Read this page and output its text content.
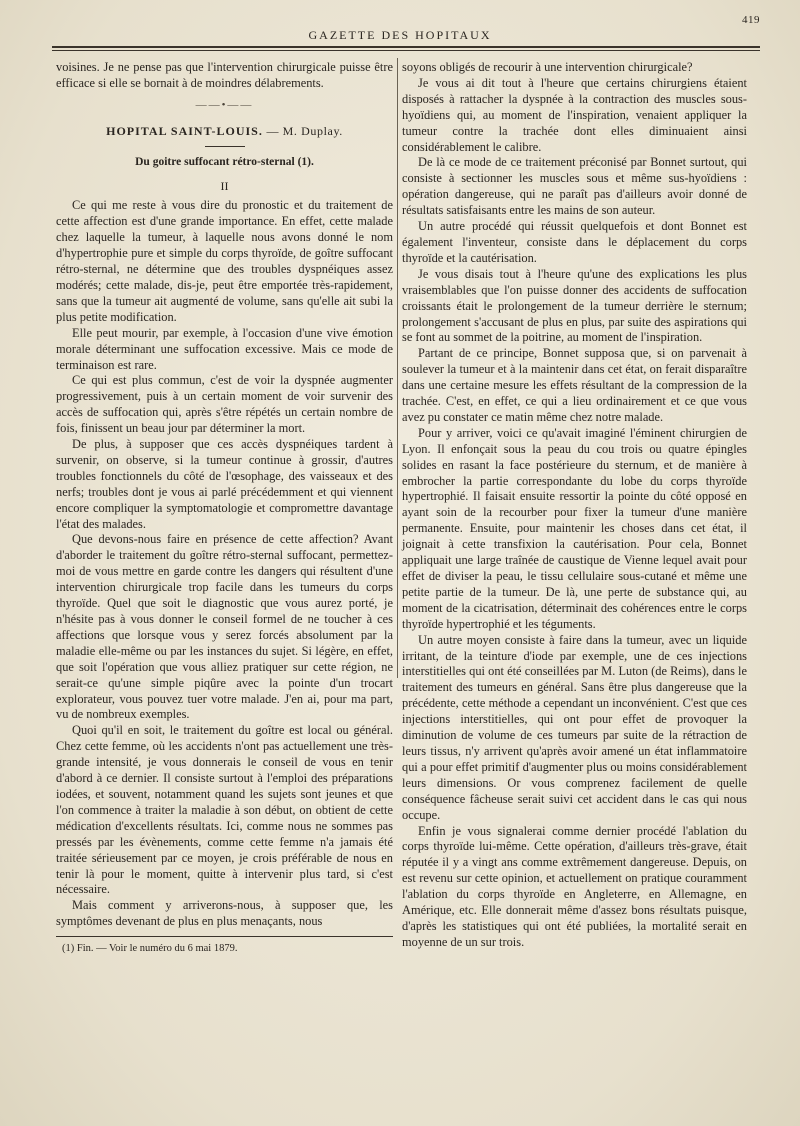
419
GAZETTE DES HOPITAUX

voisines. Je ne pense pas que l'intervention chirurgicale puisse être efficace si elle se bornait à de moindres délabrements.

——•——
HOPITAL SAINT-LOUIS. — M. Duplay.
Du goitre suffocant rétro-sternal (1).
II

Ce qui me reste à vous dire du pronostic et du traitement de cette affection est d'une grande importance. En effet, cette malade chez laquelle la tumeur, à laquelle nous avons donné le nom d'hypertrophie pure et simple du corps thyroïde, de goître suffocant rétro-sternal, ne détermine que des troubles dyspnéiques assez modérés; cette malade, dis-je, peut être emportée très-rapidement, sans que la tumeur ait augmenté de volume, sans qu'elle ait subi la plus petite modification.

Elle peut mourir, par exemple, à l'occasion d'une vive émotion morale déterminant une suffocation excessive. Mais ce mode de terminaison est rare.

Ce qui est plus commun, c'est de voir la dyspnée augmenter progressivement, puis à un certain moment de voir survenir des accès de suffocation qui, après s'être répétés un certain nombre de fois, finissent un beau jour par déterminer la mort.

De plus, à supposer que ces accès dyspnéiques tardent à survenir, on observe, si la tumeur continue à grossir, d'autres troubles fonctionnels du côté de l'œsophage, des vaisseaux et des nerfs; troubles dont je vous ai parlé précédemment et qui viennent encore compliquer la symptomatologie et compromettre davantage l'état des malades.

Que devons-nous faire en présence de cette affection? Avant d'aborder le traitement du goître rétro-sternal suffocant, permettez-moi de vous mettre en garde contre les dangers qui résultent d'une intervention chirurgicale trop facile dans les tumeurs du corps thyroïde. Quel que soit le diagnostic que vous aurez porté, je n'hésite pas à vous donner le conseil formel de ne toucher à ces affections que lorsque vous y serez forcés absolument par la maladie elle-même ou par les instances du sujet. Si légère, en effet, que soit l'opération que vous alliez pratiquer sur cette région, ne serait-ce qu'une simple piqûre avec la pointe d'un trocart explorateur, vous pouvez tuer votre malade. J'en ai, pour ma part, vu de nombreux exemples.

Quoi qu'il en soit, le traitement du goître est local ou général. Chez cette femme, où les accidents n'ont pas actuellement une très-grande intensité, je vous donnerais le conseil de vous en tenir d'abord à ce dernier. Il consiste surtout à l'emploi des préparations iodées, et souvent, notamment quand les sujets sont jeunes et que l'on commence à traiter la maladie à son début, on obtient de cette médication d'excellents résultats. Ici, comme nous ne sommes pas pressés par les évènements, comme cette femme n'a jamais été traitée sérieusement par ce moyen, je crois préférable de nous en tenir là pour le moment, quitte à intervenir plus tard, si c'est nécessaire.

Mais comment y arriverons-nous, à supposer que, les symptômes devenant de plus en plus menaçants, nous

(1) Fin. — Voir le numéro du 6 mai 1879.

soyons obligés de recourir à une intervention chirurgicale?

Je vous ai dit tout à l'heure que certains chirurgiens étaient disposés à rattacher la dyspnée à la contraction des muscles sous-hyoïdiens qui, au moment de l'inspiration, venaient appliquer la tumeur contre la trachée dont elles diminuaient ainsi considérablement le calibre.

De là ce mode de ce traitement préconisé par Bonnet surtout, qui consiste à sectionner les muscles sous et même sus-hyoïdiens : opération dangereuse, qui ne paraît pas d'ailleurs avoir donné de résultats satisfaisants entre les mains de son auteur.

Un autre procédé qui réussit quelquefois et dont Bonnet est également l'inventeur, consiste dans le déplacement du corps thyroïde et la cautérisation.

Je vous disais tout à l'heure qu'une des explications les plus vraisemblables que l'on puisse donner des accidents de suffocation croissants était le prolongement de la tumeur derrière le sternum; prolongement s'accusant de plus en plus, par suite des aspirations qui se font au sommet de la poitrine, au moment de l'inspiration.

Partant de ce principe, Bonnet supposa que, si on parvenait à soulever la tumeur et à la maintenir dans cet état, on ferait disparaître dans une certaine mesure les effets résultant de la compression de la trachée. C'est, en effet, ce qui a lieu ordinairement et ce que vous avez pu constater ce matin même chez notre malade.

Pour y arriver, voici ce qu'avait imaginé l'éminent chirurgien de Lyon. Il enfonçait sous la peau du cou trois ou quatre épingles solides en rasant la face postérieure du sternum, et de manière à embrocher la partie correspondante du lobe du corps thyroïde hypertrophié. Il faisait ensuite ressortir la pointe du côté opposé en ayant soin de la recourber pour fixer la tumeur d'une manière permanente. Ensuite, pour maintenir les choses dans cet état, il joignait à cette transfixion la cautérisation. Pour cela, Bonnet appliquait une large traînée de caustique de Vienne lequel avait pour effet de diviser la peau, le tissu cellulaire sous-cutané et même une petite partie de la tumeur. De là, une perte de substance qui, au moment de la cicatrisation, déterminait des cohérences entre le corps thyroïde hypertrophié et les téguments.

Un autre moyen consiste à faire dans la tumeur, avec un liquide irritant, de la teinture d'iode par exemple, une de ces injections interstitielles qui ont été conseillées par M. Luton (de Reims), dans le traitement des tumeurs en général. Sans être plus dangereuse que la précédente, cette méthode a cependant un inconvénient. C'est que ces injections interstitielles, qui ont pour effet de provoquer la diminution de volume de ces tumeurs par suite de la rétraction de leurs tissus, n'y arrivent qu'après avoir amené un état inflammatoire qui a pour effet primitif d'augmenter plus ou moins considérablement leurs dimensions. Or vous comprenez facilement de quelle conséquence fâcheuse serait suivi cet accident dans le cas qui nous occupe.

Enfin je vous signalerai comme dernier procédé l'ablation du corps thyroïde lui-même. Cette opération, d'ailleurs très-grave, était réputée il y a vingt ans comme extrêmement dangereuse. Depuis, on est revenu sur cette opinion, et actuellement on pratique couramment l'ablation du corps thyroïde en Angleterre, en Allemagne, en Amérique, etc. Elle donnerait même d'assez bons résultats puisque, d'après les statistiques qui ont été publiées, la mortalité serait en moyenne de un sur trois.
